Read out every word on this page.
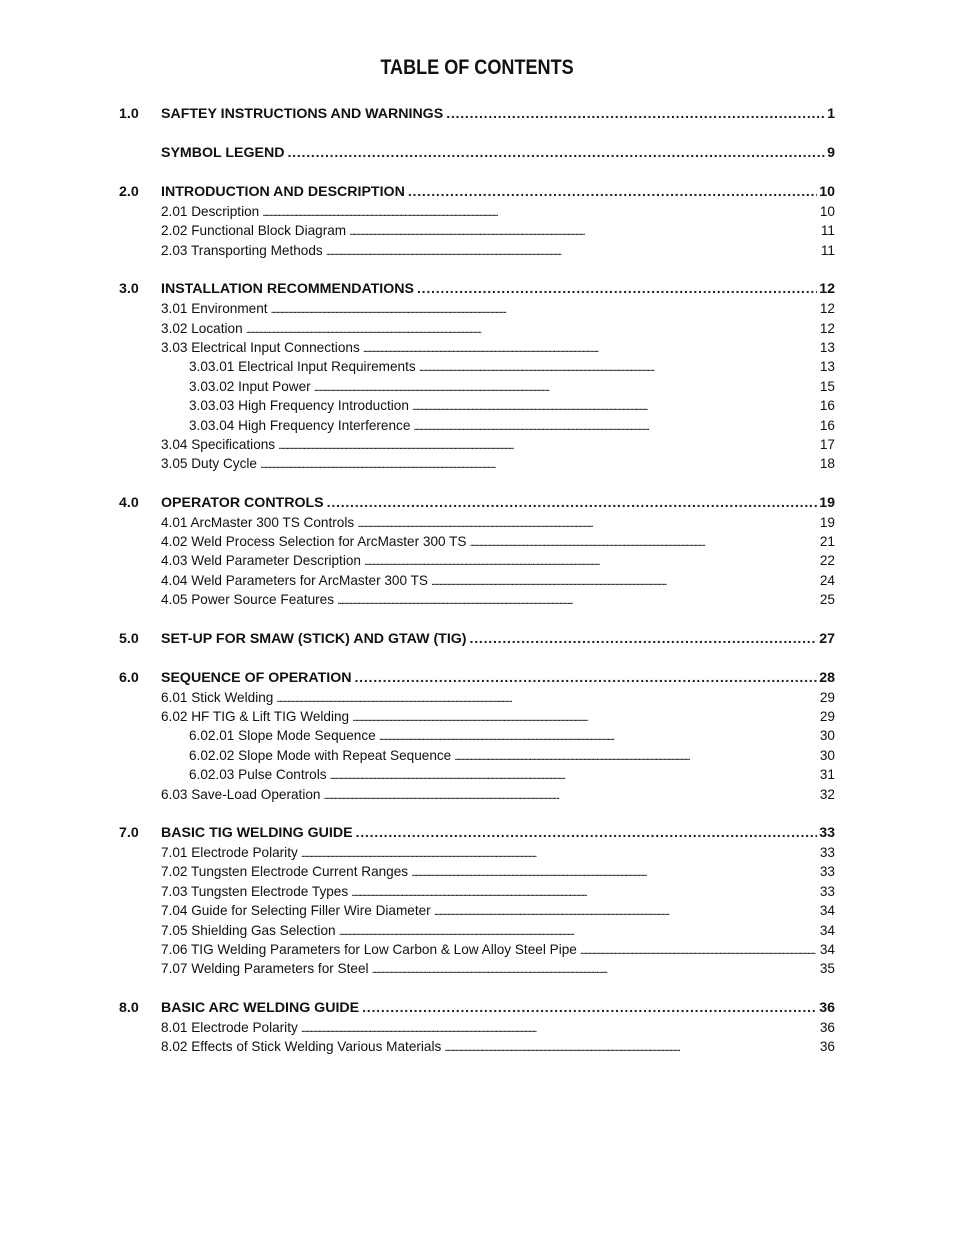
TABLE OF CONTENTS
1.0	SAFTEY INSTRUCTIONS AND WARNINGS . . .	1
SYMBOL LEGEND . . .	9
2.0	INTRODUCTION AND DESCRIPTION . . .	10
2.01 Description . . .	10
2.02 Functional Block Diagram . . .	11
2.03 Transporting Methods . . .	11
3.0	INSTALLATION RECOMMENDATIONS . . .	12
3.01 Environment . . .	12
3.02 Location . . .	12
3.03 Electrical Input Connections . . .	13
3.03.01 Electrical Input Requirements . . .	13
3.03.02 Input Power . . .	15
3.03.03 High Frequency Introduction . . .	16
3.03.04 High Frequency Interference . . .	16
3.04 Specifications . . .	17
3.05 Duty Cycle . . .	18
4.0	OPERATOR CONTROLS . . .	19
4.01 ArcMaster 300 TS Controls . . .	19
4.02 Weld Process Selection for ArcMaster 300 TS . . .	21
4.03 Weld Parameter Description . . .	22
4.04 Weld Parameters for ArcMaster 300 TS . . .	24
4.05 Power Source Features . . .	25
5.0	SET-UP FOR SMAW (STICK) AND GTAW (TIG) . . .	27
6.0	SEQUENCE OF OPERATION . . .	28
6.01 Stick Welding . . .	29
6.02 HF TIG & Lift TIG Welding . . .	29
6.02.01 Slope Mode Sequence . . .	30
6.02.02 Slope Mode with Repeat Sequence . . .	30
6.02.03 Pulse Controls . . .	31
6.03 Save-Load Operation . . .	32
7.0	BASIC TIG WELDING GUIDE . . .	33
7.01 Electrode Polarity . . .	33
7.02 Tungsten Electrode Current Ranges . . .	33
7.03 Tungsten Electrode Types . . .	33
7.04 Guide for Selecting Filler Wire Diameter . . .	34
7.05 Shielding Gas Selection . . .	34
7.06 TIG Welding Parameters for Low Carbon & Low Alloy Steel Pipe . . .	34
7.07 Welding Parameters for Steel . . .	35
8.0	BASIC ARC WELDING GUIDE . . .	36
8.01 Electrode Polarity . . .	36
8.02 Effects of Stick Welding Various Materials . . .	36
